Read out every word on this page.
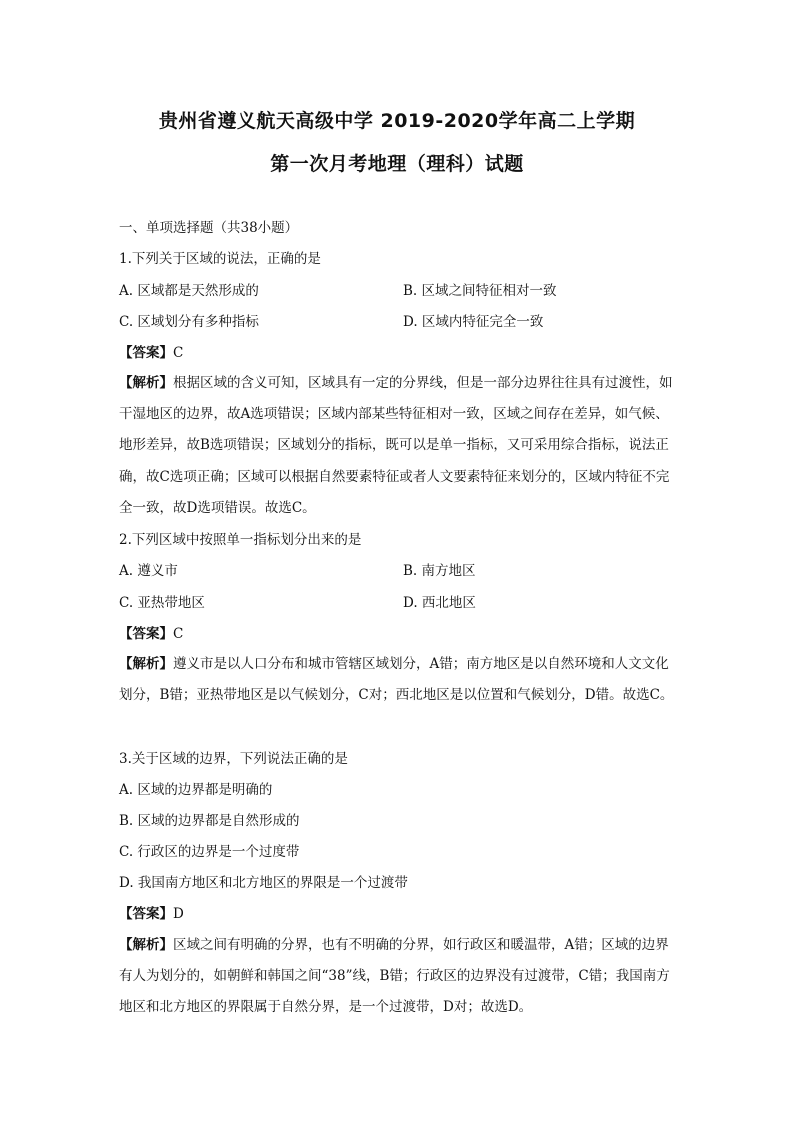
贵州省遵义航天高级中学 2019-2020学年高二上学期
第一次月考地理（理科）试题
一、单项选择题（共38小题）
1.下列关于区域的说法，正确的是
A. 区域都是天然形成的	B. 区域之间特征相对一致
C. 区域划分有多种指标	D. 区域内特征完全一致
【答案】C
【解析】根据区域的含义可知，区域具有一定的分界线，但是一部分边界往往具有过渡性，如干湿地区的边界，故A选项错误；区域内部某些特征相对一致，区域之间存在差异，如气候、地形差异，故B选项错误；区域划分的指标，既可以是单一指标，又可采用综合指标，说法正确，故C选项正确；区域可以根据自然要素特征或者人文要素特征来划分的，区域内特征不完全一致，故D选项错误。故选C。
2.下列区域中按照单一指标划分出来的是
A. 遵义市	B. 南方地区
C. 亚热带地区	D. 西北地区
【答案】C
【解析】遵义市是以人口分布和城市管辖区域划分，A错；南方地区是以自然环境和人文文化划分，B错；亚热带地区是以气候划分，C对；西北地区是以位置和气候划分，D错。故选C。
3.关于区域的边界，下列说法正确的是
A. 区域的边界都是明确的
B. 区域的边界都是自然形成的
C. 行政区的边界是一个过度带
D. 我国南方地区和北方地区的界限是一个过渡带
【答案】D
【解析】区域之间有明确的分界，也有不明确的分界，如行政区和暖温带，A错；区域的边界有人为划分的，如朝鲜和韩国之间“38”线，B错；行政区的边界没有过渡带，C错；我国南方地区和北方地区的界限属于自然分界，是一个过渡带，D对；故选D。
